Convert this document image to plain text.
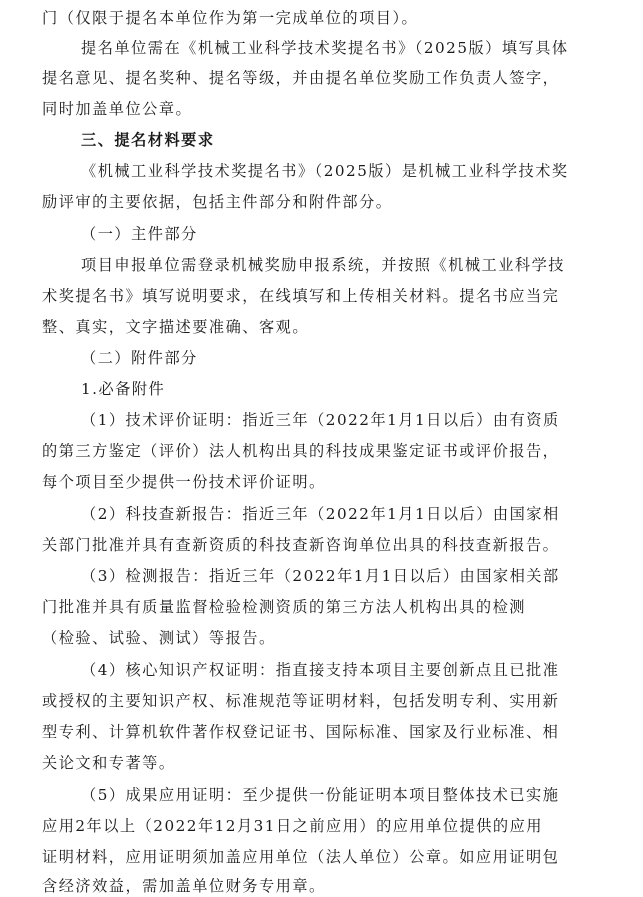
门（仅限于提名本单位作为第一完成单位的项目）。
提名单位需在《机械工业科学技术奖提名书》（2025版）填写具体
提名意见、提名奖种、提名等级，并由提名单位奖励工作负责人签字，
同时加盖单位公章。
三、提名材料要求
《机械工业科学技术奖提名书》（2025版）是机械工业科学技术奖
励评审的主要依据，包括主件部分和附件部分。
（一）主件部分
项目申报单位需登录机械奖励申报系统，并按照《机械工业科学技
术奖提名书》填写说明要求，在线填写和上传相关材料。提名书应当完
整、真实，文字描述要准确、客观。
（二）附件部分
1.必备附件
（1）技术评价证明：指近三年（2022年1月1日以后）由有资质
的第三方鉴定（评价）法人机构出具的科技成果鉴定证书或评价报告，
每个项目至少提供一份技术评价证明。
（2）科技查新报告：指近三年（2022年1月1日以后）由国家相
关部门批准并具有查新资质的科技查新咨询单位出具的科技查新报告。
（3）检测报告：指近三年（2022年1月1日以后）由国家相关部
门批准并具有质量监督检验检测资质的第三方法人机构出具的检测
（检验、试验、测试）等报告。
（4）核心知识产权证明：指直接支持本项目主要创新点且已批准
或授权的主要知识产权、标准规范等证明材料，包括发明专利、实用新
型专利、计算机软件著作权登记证书、国际标准、国家及行业标准、相
关论文和专著等。
（5）成果应用证明：至少提供一份能证明本项目整体技术已实施
应用2年以上（2022年12月31日之前应用）的应用单位提供的应用
证明材料，应用证明须加盖应用单位（法人单位）公章。如应用证明包
含经济效益，需加盖单位财务专用章。
